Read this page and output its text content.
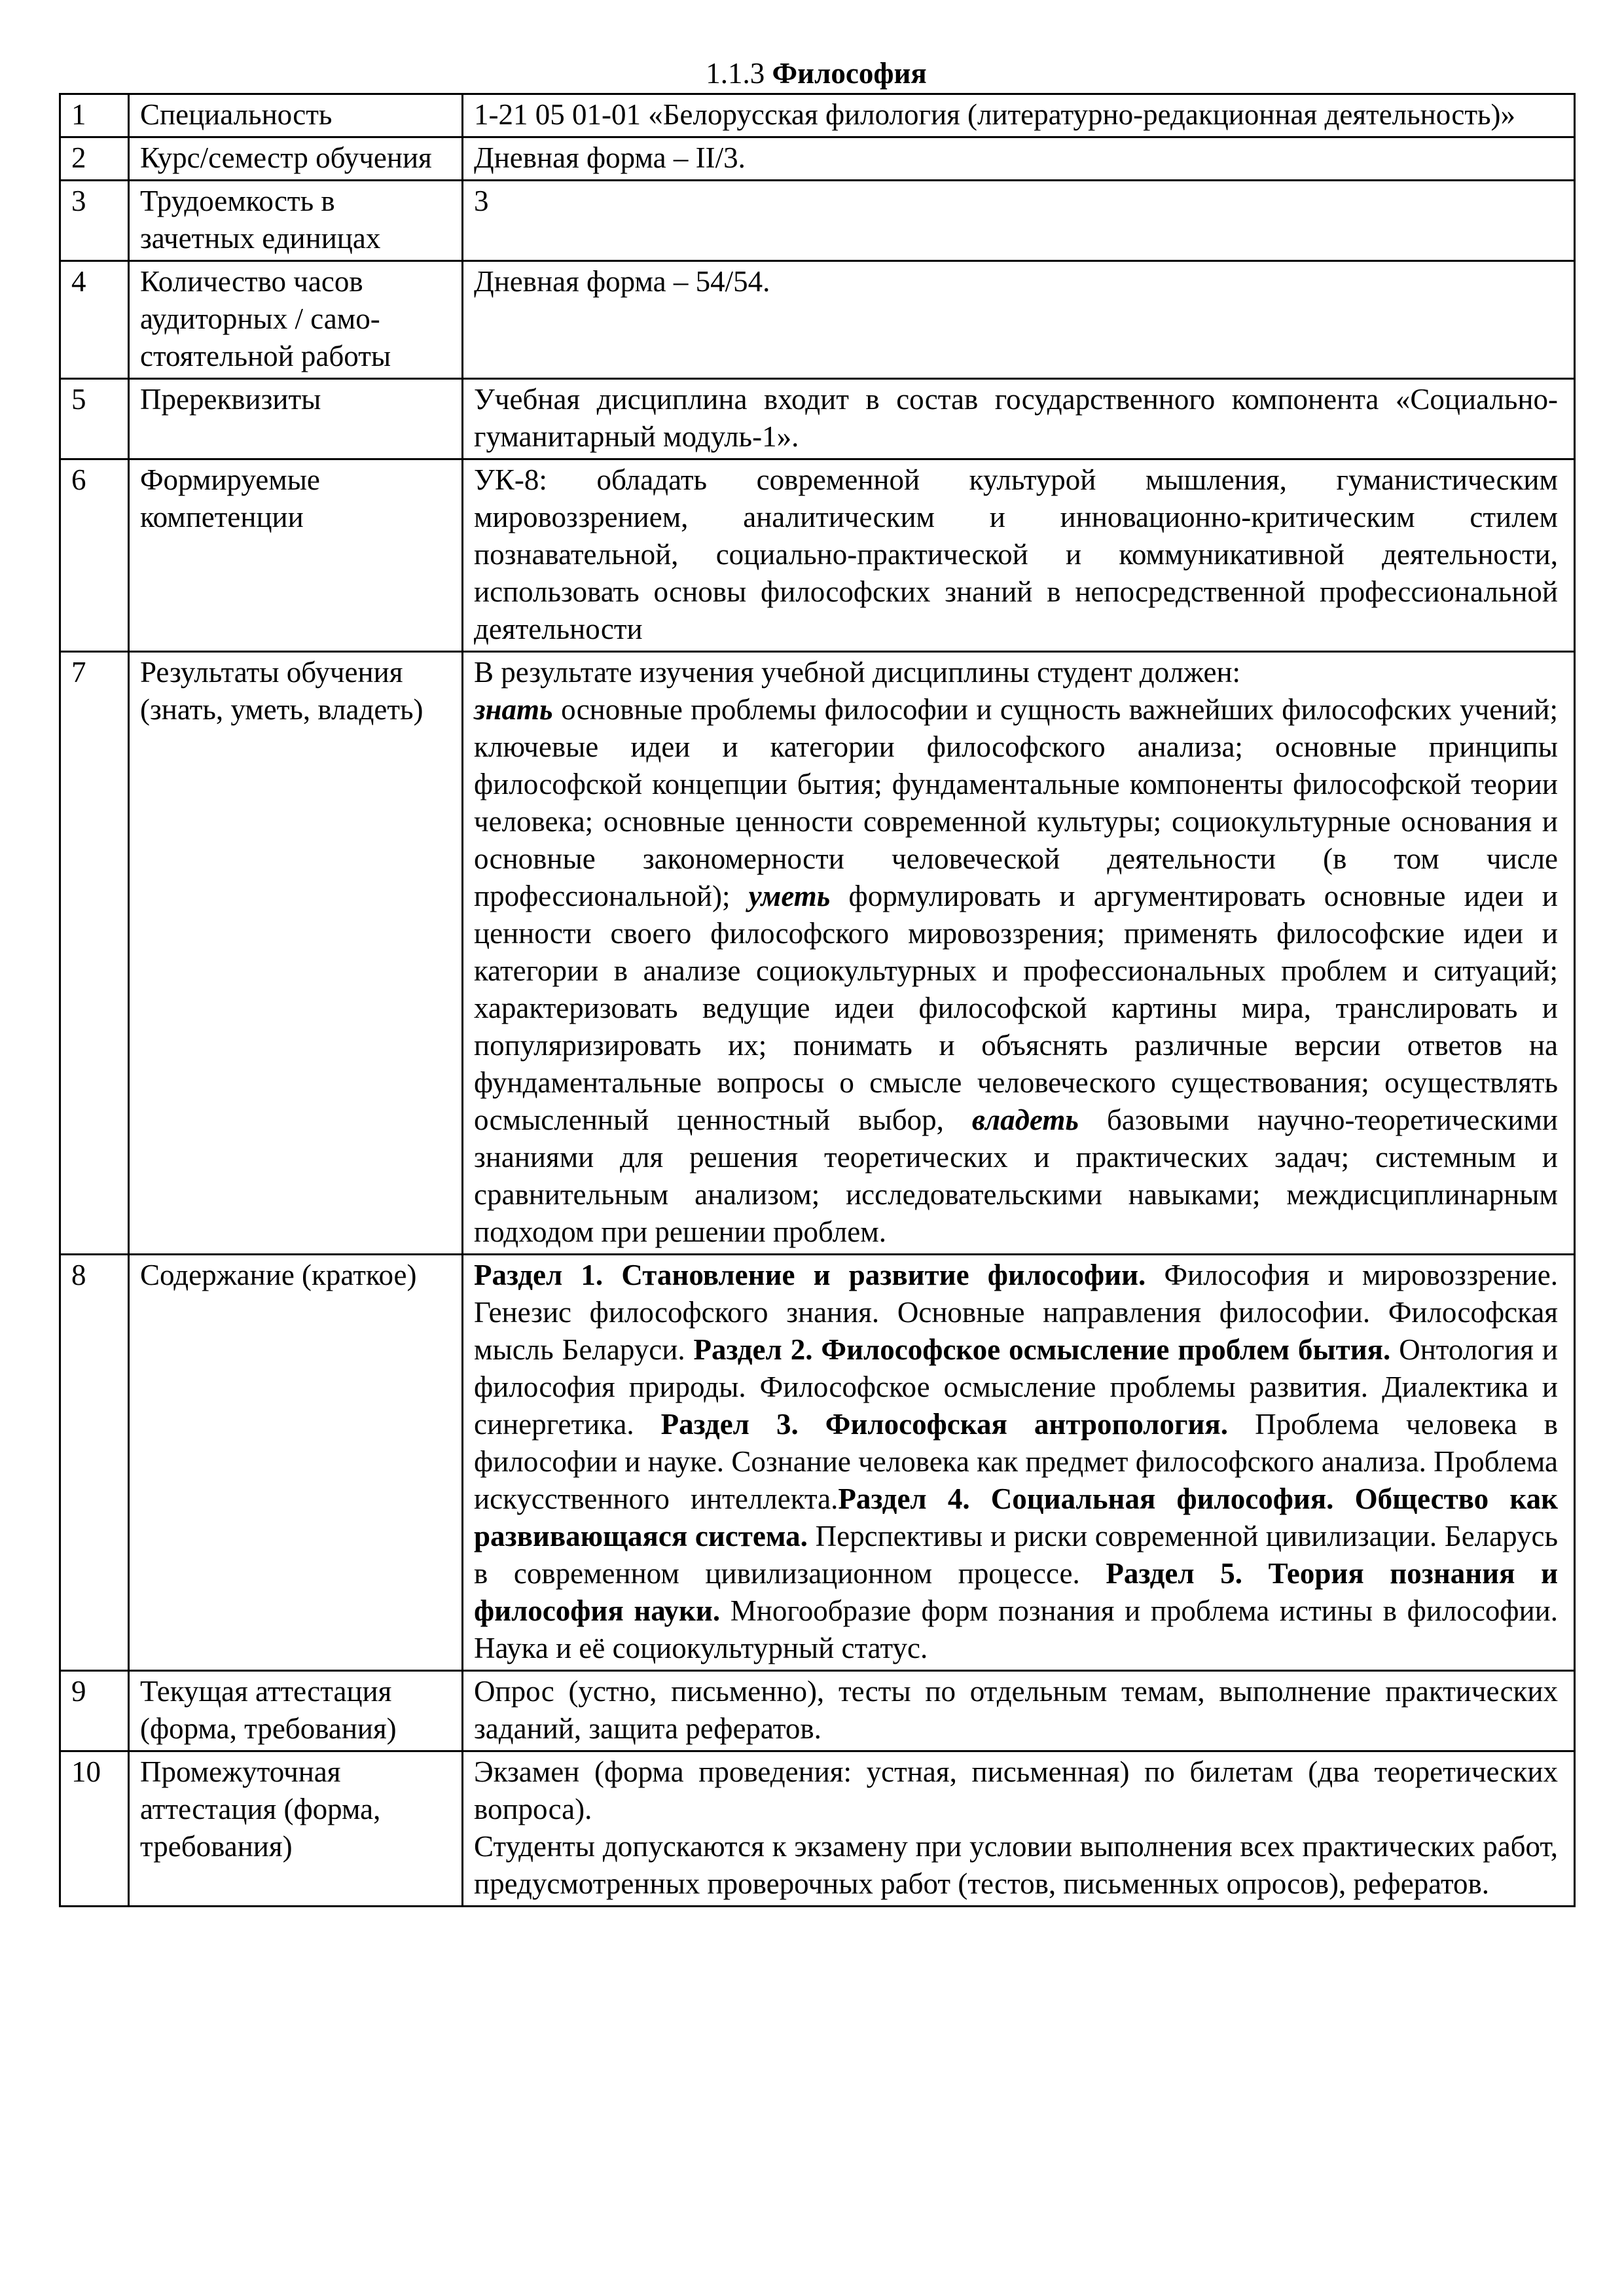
1.1.3 Философия
1	Специальность	1-21 05 01-01 «Белорусская филология (литературно-редакционная деятельность)»
2	Курс/семестр обучения	Дневная форма – II/3.
3	Трудоемкость в зачетных единицах	3
4	Количество часов аудиторных / само-стоятельной работы	Дневная форма – 54/54.
5	Пререквизиты	Учебная дисциплина входит в состав государственного компонента «Социально-гуманитарный модуль-1».
6	Формируемые компетенции	УК-8: обладать современной культурой мышления, гуманистическим мировоззрением, аналитическим и инновационно-критическим стилем познавательной, социально-практической и коммуникативной деятельности, использовать основы философских знаний в непосредственной профессиональной деятельности
7	Результаты обучения (знать, уметь, владеть)	В результате изучения учебной дисциплины студент должен:
знать основные проблемы философии и сущность важнейших философских учений; ключевые идеи и категории философского анализа; основные принципы философской концепции бытия; фундаментальные компоненты философской теории человека; основные ценности современной культуры; социокультурные основания и основные закономерности человеческой деятельности (в том числе профессиональной); уметь формулировать и аргументировать основные идеи и ценности своего философского мировоззрения; применять философские идеи и категории в анализе социокультурных и профессиональных проблем и ситуаций; характеризовать ведущие идеи философской картины мира, транслировать и популяризировать их; понимать и объяснять различные версии ответов на фундаментальные вопросы о смысле человеческого существования; осуществлять осмысленный ценностный выбор, владеть базовыми научно-теоретическими знаниями для решения теоретических и практических задач; системным и сравнительным анализом; исследовательскими навыками; междисциплинарным подходом при решении проблем.
8	Содержание (краткое)	Раздел 1. Становление и развитие философии. Философия и мировоззрение. Генезис философского знания. Основные направления философии. Философская мысль Беларуси. Раздел 2. Философское осмысление проблем бытия. Онтология и философия природы. Философское осмысление проблемы развития. Диалектика и синергетика. Раздел 3. Философская антропология. Проблема человека в философии и науке. Сознание человека как предмет философского анализа. Проблема искусственного интеллекта.Раздел 4. Социальная философия. Общество как развивающаяся система. Перспективы и риски современной цивилизации. Беларусь в современном цивилизационном процессе. Раздел 5. Теория познания и философия науки. Многообразие форм познания и проблема истины в философии. Наука и её социокультурный статус.
9	Текущая аттестация (форма, требования)	Опрос (устно, письменно), тесты по отдельным темам, выполнение практических заданий, защита рефератов.
10	Промежуточная аттестация (форма, требования)	Экзамен (форма проведения: устная, письменная) по билетам (два теоретических вопроса).
Студенты допускаются к экзамену при условии выполнения всех практических работ, предусмотренных проверочных работ (тестов, письменных опросов), рефератов.
